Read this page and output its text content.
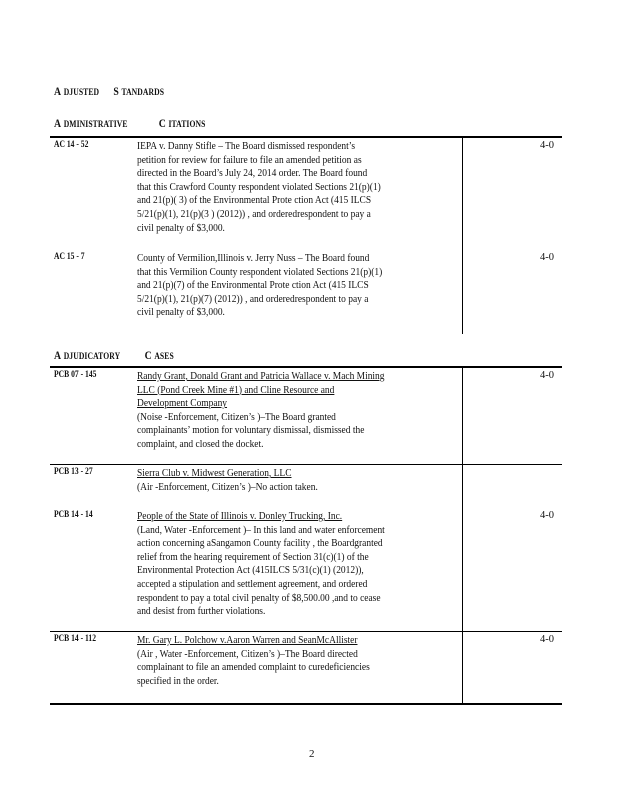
A DJUSTED S TANDARDS
A DMINISTRATIVE	C ITATIONS
AC 14 - 52	IEPA v. Danny Stifle – The Board dismissed respondent’s
petition for review for failure to file an amended petition as
directed in the Board’s July 24, 2014 order. The Board found
that this Crawford County respondent violated Sections 21(p)(1)
and 21(p)( 3) of the Environmental Prote ction Act (415 ILCS
5/21(p)(1), 21(p)(3 ) (2012)) , and orderedrespondent to pay a
civil penalty of $3,000.
4-0
AC 15 - 7	County of Vermilion,Illinois v. Jerry Nuss – The Board found
that this Vermilion County respondent violated Sections 21(p)(1)
and 21(p)(7) of the Environmental Prote ction Act (415 ILCS
5/21(p)(1), 21(p)(7) (2012)) , and orderedrespondent to pay a
civil penalty of $3,000.
4-0
A DJUDICATORY C ASES
PCB 07 - 145	Randy Grant, Donald Grant and Patricia Wallace v. Mach Mining
LLC (Pond Creek Mine #1) and Cline Resource and
Development Company
(Noise -Enforcement, Citizen’s )–The Board granted
complainants’ motion for voluntary dismissal, dismissed the
complaint, and closed the docket.
4-0
PCB 13 - 27	Sierra Club v. Midwest Generation, LLC
(Air -Enforcement, Citizen’s )–No action taken.
PCB 14 - 14	People of the State of Illinois v. Donley Trucking, Inc.
(Land, Water -Enforcement )– In this land and water enforcement
action concerning aSangamon County facility , the Boardgranted
relief from the hearing requirement of Section 31(c)(1) of the
Environmental Protection Act (415ILCS 5/31(c)(1) (2012)),
accepted a stipulation and settlement agreement, and ordered
respondent to pay a total civil penalty of $8,500.00 ,and to cease
and desist from further violations.
4-0
PCB 14 - 112	Mr. Gary L. Polchow v.Aaron Warren and SeanMcAllister
(Air , Water -Enforcement, Citizen’s )–The Board directed
complainant to file an amended complaint to curedeficiencies
specified in the order.
4-0
2
